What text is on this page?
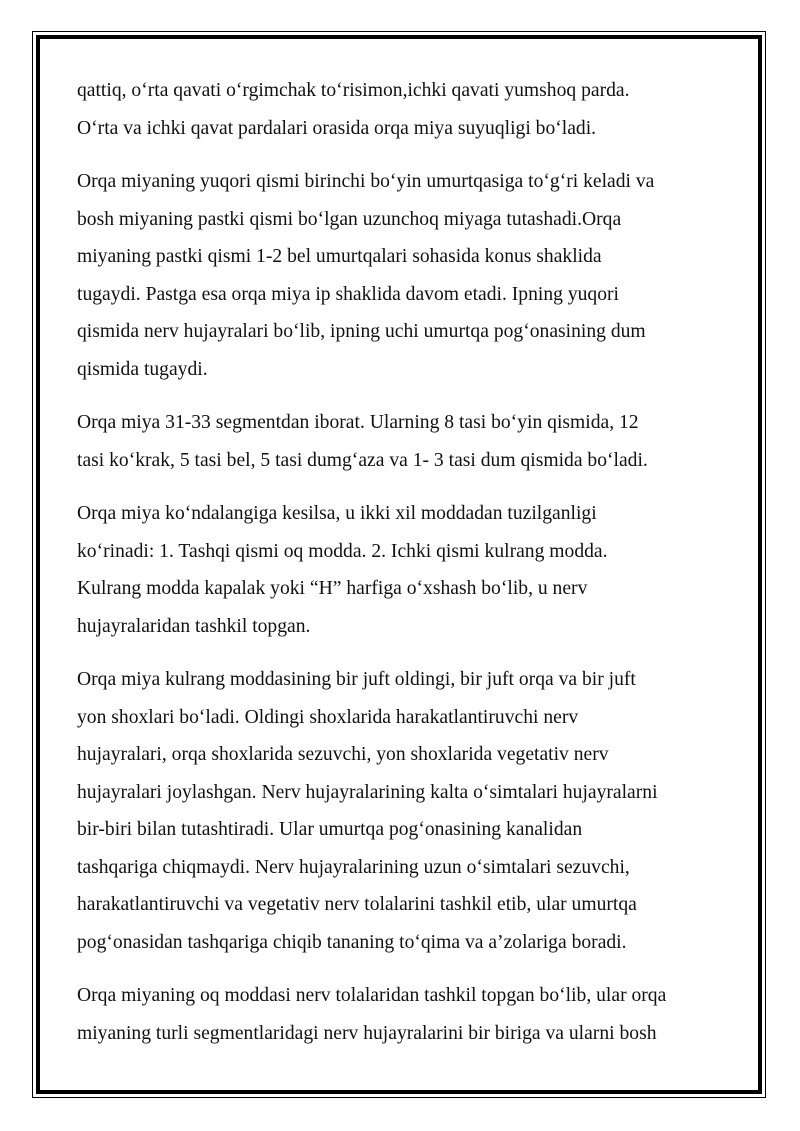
qattiq, o‘rta qavati o‘rgimchak to‘risimon,ichki qavati yumshoq parda.
O‘rta va ichki qavat pardalari orasida orqa miya suyuqligi bo‘ladi.

Orqa miyaning yuqori qismi birinchi bo‘yin umurtqasiga to‘g‘ri keladi va
bosh miyaning pastki qismi bo‘lgan uzunchoq miyaga tutashadi.Orqa
miyaning pastki qismi 1-2 bel umurtqalari sohasida konus shaklida
tugaydi. Pastga esa orqa miya ip shaklida davom etadi. Ipning yuqori
qismida nerv hujayralari bo‘lib, ipning uchi umurtqa pog‘onasining dum
qismida tugaydi.

Orqa miya 31-33 segmentdan iborat. Ularning 8 tasi bo‘yin qismida, 12
tasi ko‘krak, 5 tasi bel, 5 tasi dumg‘aza va 1- 3 tasi dum qismida bo‘ladi.

Orqa miya ko‘ndalangiga kesilsa, u ikki xil moddadan tuzilganligi
ko‘rinadi: 1. Tashqi qismi oq modda. 2. Ichki qismi kulrang modda.
Kulrang modda kapalak yoki “H” harfiga o‘xshash bo‘lib, u nerv
hujayralaridan tashkil topgan.

Orqa miya kulrang moddasining bir juft oldingi, bir juft orqa va bir juft
yon shoxlari bo‘ladi. Oldingi shoxlarida harakatlantiruvchi nerv
hujayralari, orqa shoxlarida sezuvchi, yon shoxlarida vegetativ nerv
hujayralari joylashgan. Nerv hujayralarining kalta o‘simtalari hujayralarni
bir-biri bilan tutashtiradi. Ular umurtqa pog‘onasining kanalidan
tashqariga chiqmaydi. Nerv hujayralarining uzun o‘simtalari sezuvchi,
harakatlantiruvchi va vegetativ nerv tolalarini tashkil etib, ular umurtqa
pog‘onasidan tashqariga chiqib tananing to‘qima va a’zolariga boradi.

Orqa miyaning oq moddasi nerv tolalaridan tashkil topgan bo‘lib, ular orqa
miyaning turli segmentlaridagi nerv hujayralarini bir biriga va ularni bosh
